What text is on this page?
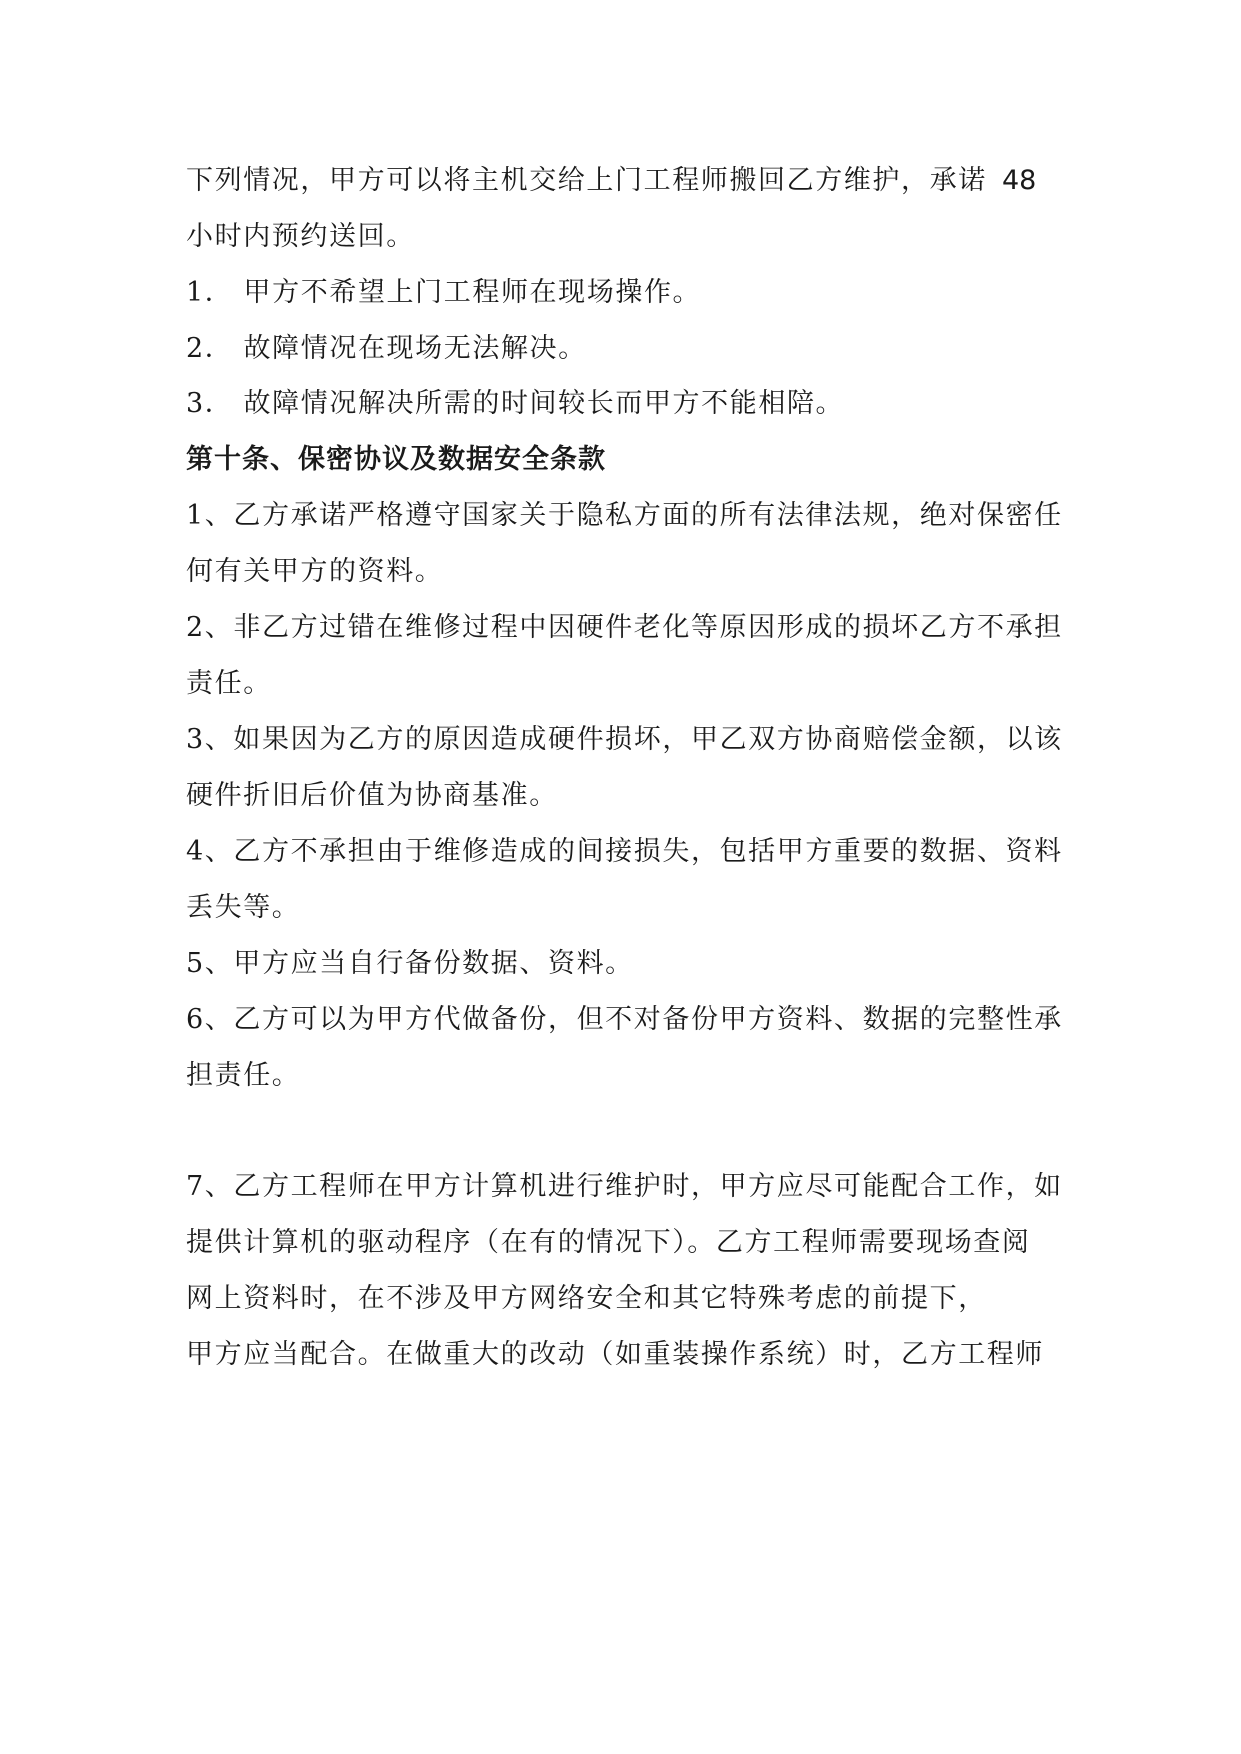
下列情况，甲方可以将主机交给上门工程师搬回乙方维护，承诺 48
小时内预约送回。
1． 甲方不希望上门工程师在现场操作。
2． 故障情况在现场无法解决。
3． 故障情况解决所需的时间较长而甲方不能相陪。
第十条、保密协议及数据安全条款
1、乙方承诺严格遵守国家关于隐私方面的所有法律法规，绝对保密任
何有关甲方的资料。
2、非乙方过错在维修过程中因硬件老化等原因形成的损坏乙方不承担
责任。
3、如果因为乙方的原因造成硬件损坏，甲乙双方协商赔偿金额，以该
硬件折旧后价值为协商基准。
4、乙方不承担由于维修造成的间接损失，包括甲方重要的数据、资料
丢失等。
5、甲方应当自行备份数据、资料。
6、乙方可以为甲方代做备份，但不对备份甲方资料、数据的完整性承
担责任。
7、乙方工程师在甲方计算机进行维护时，甲方应尽可能配合工作，如
提供计算机的驱动程序（在有的情况下）。乙方工程师需要现场查阅
网上资料时，在不涉及甲方网络安全和其它特殊考虑的前提下，
甲方应当配合。在做重大的改动（如重装操作系统）时，乙方工程师
